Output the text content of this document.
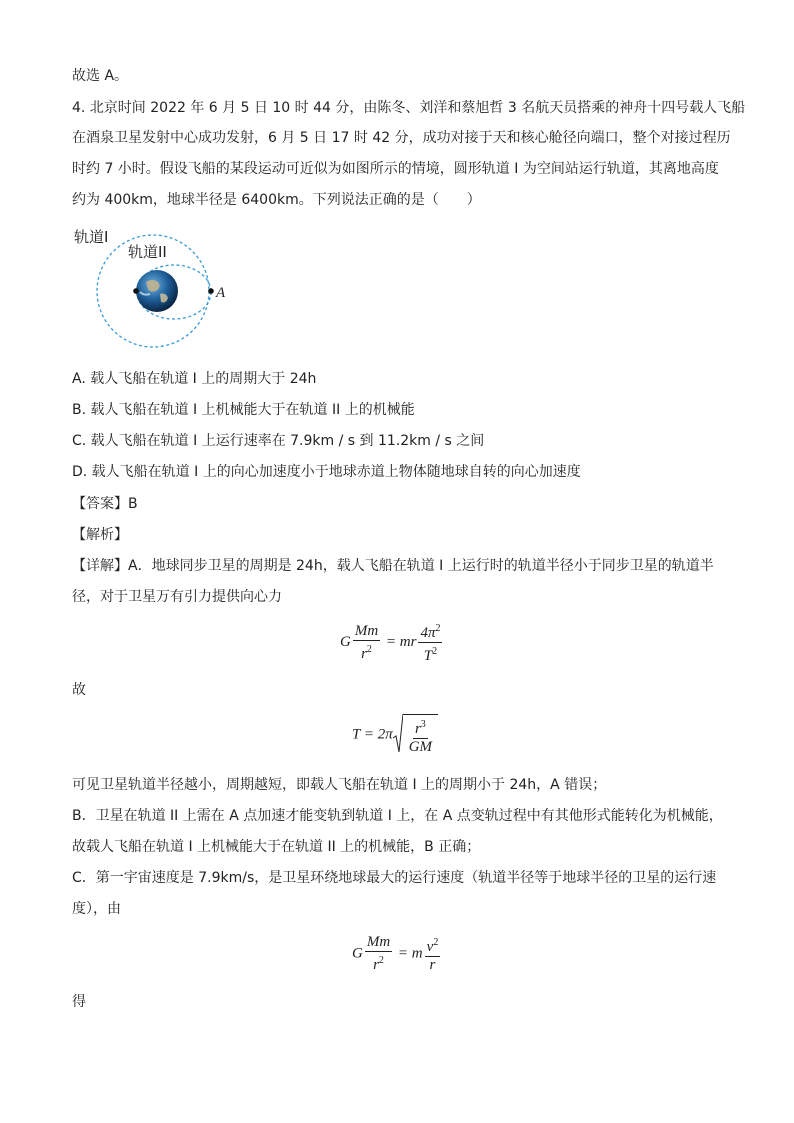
故选 A。
4. 北京时间 2022 年 6 月 5 日 10 时 44 分，由陈冬、刘洋和蔡旭哲 3 名航天员搭乘的神舟十四号载人飞船
在酒泉卫星发射中心成功发射，6 月 5 日 17 时 42 分，成功对接于天和核心舱径向端口，整个对接过程历
时约 7 小时。假设飞船的某段运动可近似为如图所示的情境，圆形轨道 I 为空间站运行轨道，其离地高度
约为 400km，地球半径是 6400km。下列说法正确的是（　　）
轨道I
轨道II
A
A. 载人飞船在轨道 I 上的周期大于 24h
B. 载人飞船在轨道 I 上机械能大于在轨道 II 上的机械能
C. 载人飞船在轨道 I 上运行速率在 7.9km / s 到 11.2km / s 之间
D. 载人飞船在轨道 I 上的向心加速度小于地球赤道上物体随地球自转的向心加速度
【答案】B
【解析】
【详解】A．地球同步卫星的周期是 24h，载人飞船在轨道 I 上运行时的轨道半径小于同步卫星的轨道半
径，对于卫星万有引力提供向心力
G $\frac{Mm}{r^2}$ = mr $\frac{4\pi^2}{T^2}$
故
$T = 2\pi \frac{r^3}{GM}$
可见卫星轨道半径越小，周期越短，即载人飞船在轨道 I 上的周期小于 24h，A 错误；
B．卫星在轨道 II 上需在 A 点加速才能变轨到轨道 I 上，在 A 点变轨过程中有其他形式能转化为机械能，
故载人飞船在轨道 I 上机械能大于在轨道 II 上的机械能，B 正确；
C．第一宇宙速度是 7.9km/s，是卫星环绕地球最大的运行速度（轨道半径等于地球半径的卫星的运行速
度），由
G $\frac{Mm}{r^2} = m \frac{v^2}{r}$
得
